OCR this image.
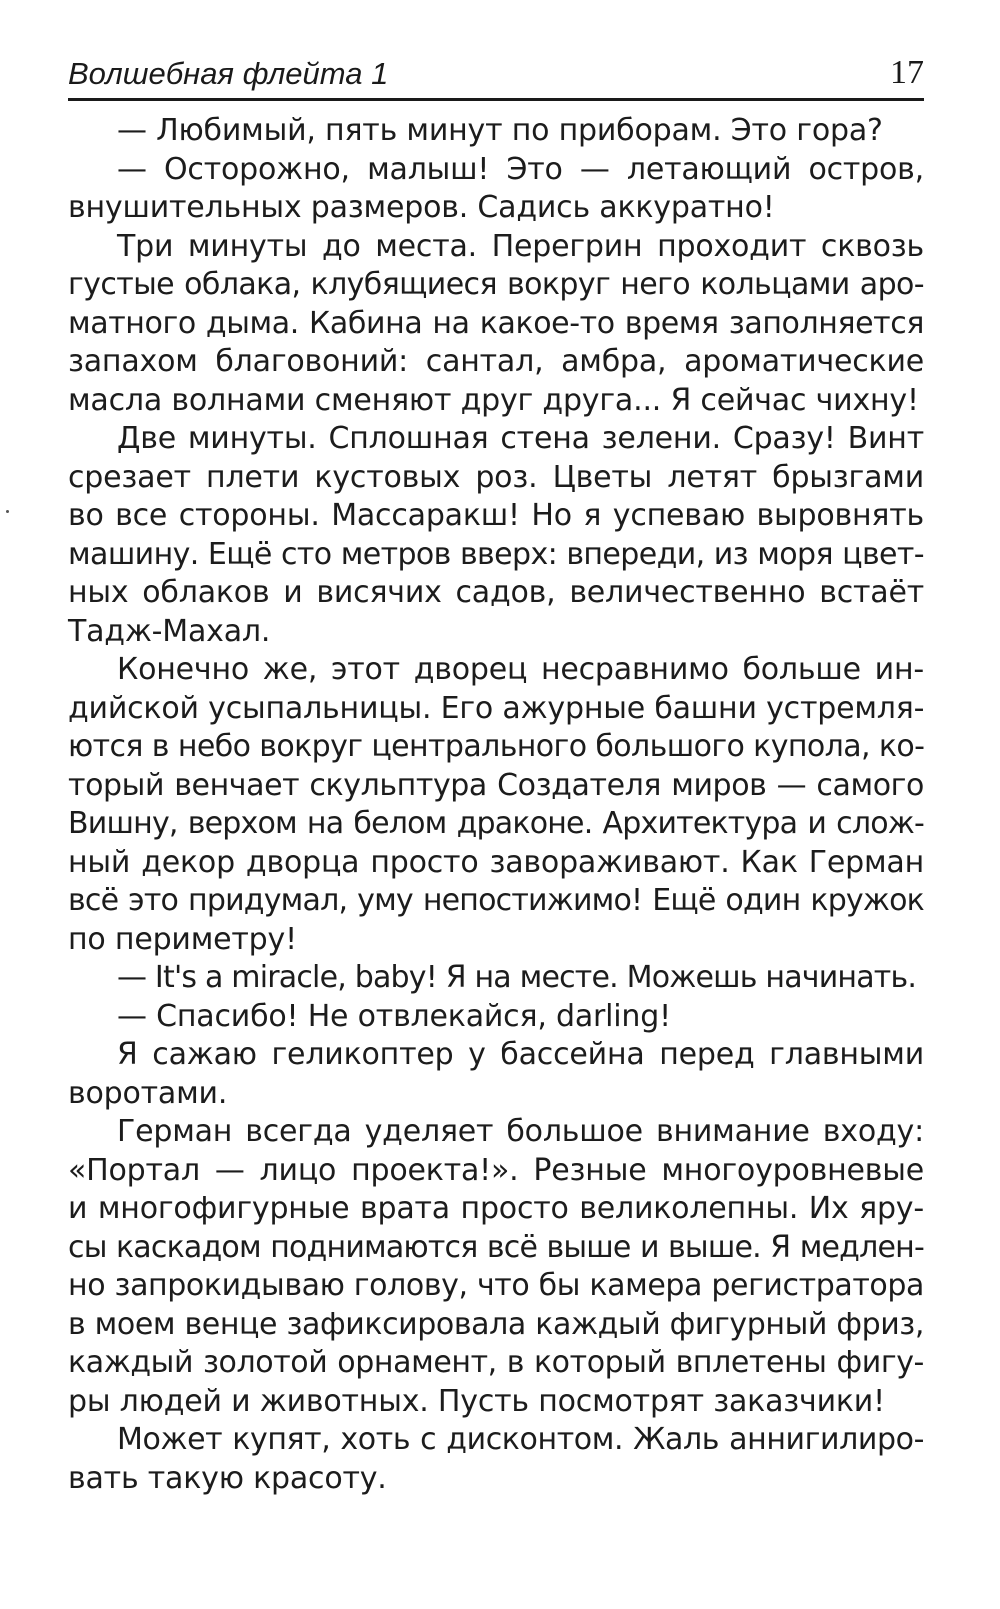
Волшебная флейта 1	17
— Любимый, пять минут по приборам. Это гора?
— Осторожно, малыш! Это — летающий остров,
внушительных размеров. Садись аккуратно!
Три минуты до места. Перегрин проходит сквозь
густые облака, клубящиеся вокруг него кольцами аро-
матного дыма. Кабина на какое-то время заполняется
запахом благовоний: сантал, амбра, ароматические
масла волнами сменяют друг друга... Я сейчас чихну!
Две минуты. Сплошная стена зелени. Сразу! Винт
срезает плети кустовых роз. Цветы летят брызгами
во все стороны. Массаракш! Но я успеваю выровнять
машину. Ещё сто метров вверх: впереди, из моря цвет-
ных облаков и висячих садов, величественно встаёт
Тадж-Махал.
Конечно же, этот дворец несравнимо больше ин-
дийской усыпальницы. Его ажурные башни устремля-
ются в небо вокруг центрального большого купола, ко-
торый венчает скульптура Создателя миров — самого
Вишну, верхом на белом драконе. Архитектура и слож-
ный декор дворца просто завораживают. Как Герман
всё это придумал, уму непостижимо! Ещё один кружок
по периметру!
— It's a miracle, baby! Я на месте. Можешь начинать.
— Спасибо! Не отвлекайся, darling!
Я сажаю геликоптер у бассейна перед главными
воротами.
Герман всегда уделяет большое внимание входу:
«Портал — лицо проекта!». Резные многоуровневые
и многофигурные врата просто великолепны. Их яру-
сы каскадом поднимаются всё выше и выше. Я медлен-
но запрокидываю голову, что бы камера регистратора
в моем венце зафиксировала каждый фигурный фриз,
каждый золотой орнамент, в который вплетены фигу-
ры людей и животных. Пусть посмотрят заказчики!
Может купят, хоть с дисконтом. Жаль аннигилиро-
вать такую красоту.
